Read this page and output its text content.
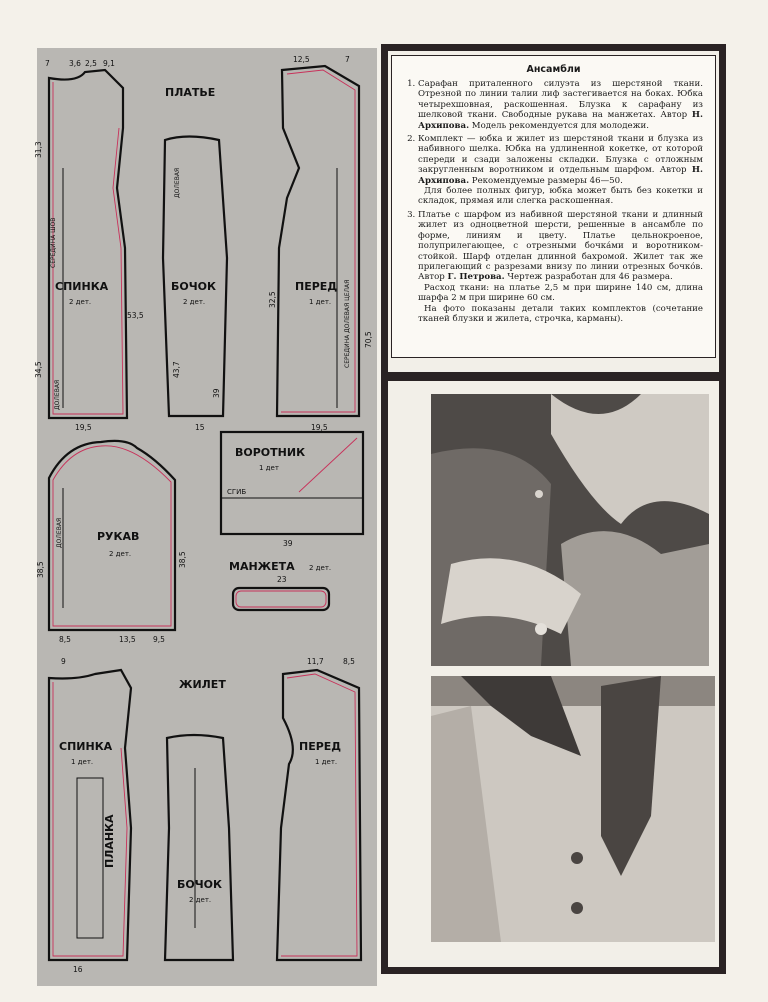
ПЛАТЬЕ
ЖИЛЕТ
СПИНКА
2 дет.
СЕРЕДИНА ШОВ
ДОЛЕВАЯ
7	3,6 2,5 9,1
19,5
53,5
31,3
34,5
БОЧОК
2 дет.
ДОЛЕВАЯ
15
43,7
39
ПЕРЕД
1 дет. СЕРЕДИНА ДОЛЕВАЯ ЦЕЛАЯ
12,5	7
19,5
70,5
32,5
РУКАВ
2 дет.
ДОЛЕВАЯ
38,5
38,5
8,5	13,5 9,5
ВОРОТНИК
1 дет
СГИБ
39
МАНЖЕТА 2 дет.
23
СПИНКА
1 дет.
ПЛАНКА
9
16
БОЧОК
2 дет.
ПЕРЕД
1 дет.
11,7	8,5
Ансамбли
1. Сарафан приталенного силуэта из шерстяной ткани. Отрезной по линии талии лиф застегивается на боках. Юбка четырехшовная, раскошенная. Блузка к сарафану из шелковой ткани. Свободные рукава на манжетах. Автор Н. Архипова. Модель рекомендуется для молодежи.
2. Комплект — юбка и жилет из шерстяной ткани и блузка из набивного шелка. Юбка на удлиненной кокетке, от которой спереди и сзади заложены складки. Блузка с отложным закругленным воротником и отдельным шарфом. Автор Н. Архипова. Рекомендуемые размеры 46—50.
Для более полных фигур, юбка может быть без кокетки и складок, прямая или слегка раскошенная.
3. Платье с шарфом из набивной шерстяной ткани и длинный жилет из одноцветной шерсти, решенные в ансамбле по форме, линиям и цвету. Платье цельнокроеное, полуприлегающее, с отрезными бочкáми и воротником-стойкой. Шарф отделан длинной бахромой. Жилет так же прилегающий с разрезами внизу по линии отрезных бочкóв. Автор Г. Петрова. Чертеж разработан для 46 размера.
Расход ткани: на платье 2,5 м при ширине 140 см, длина шарфа 2 м при ширине 60 см.
На фото показаны детали таких комплектов (сочетание тканей блузки и жилета, строчка, карманы).
